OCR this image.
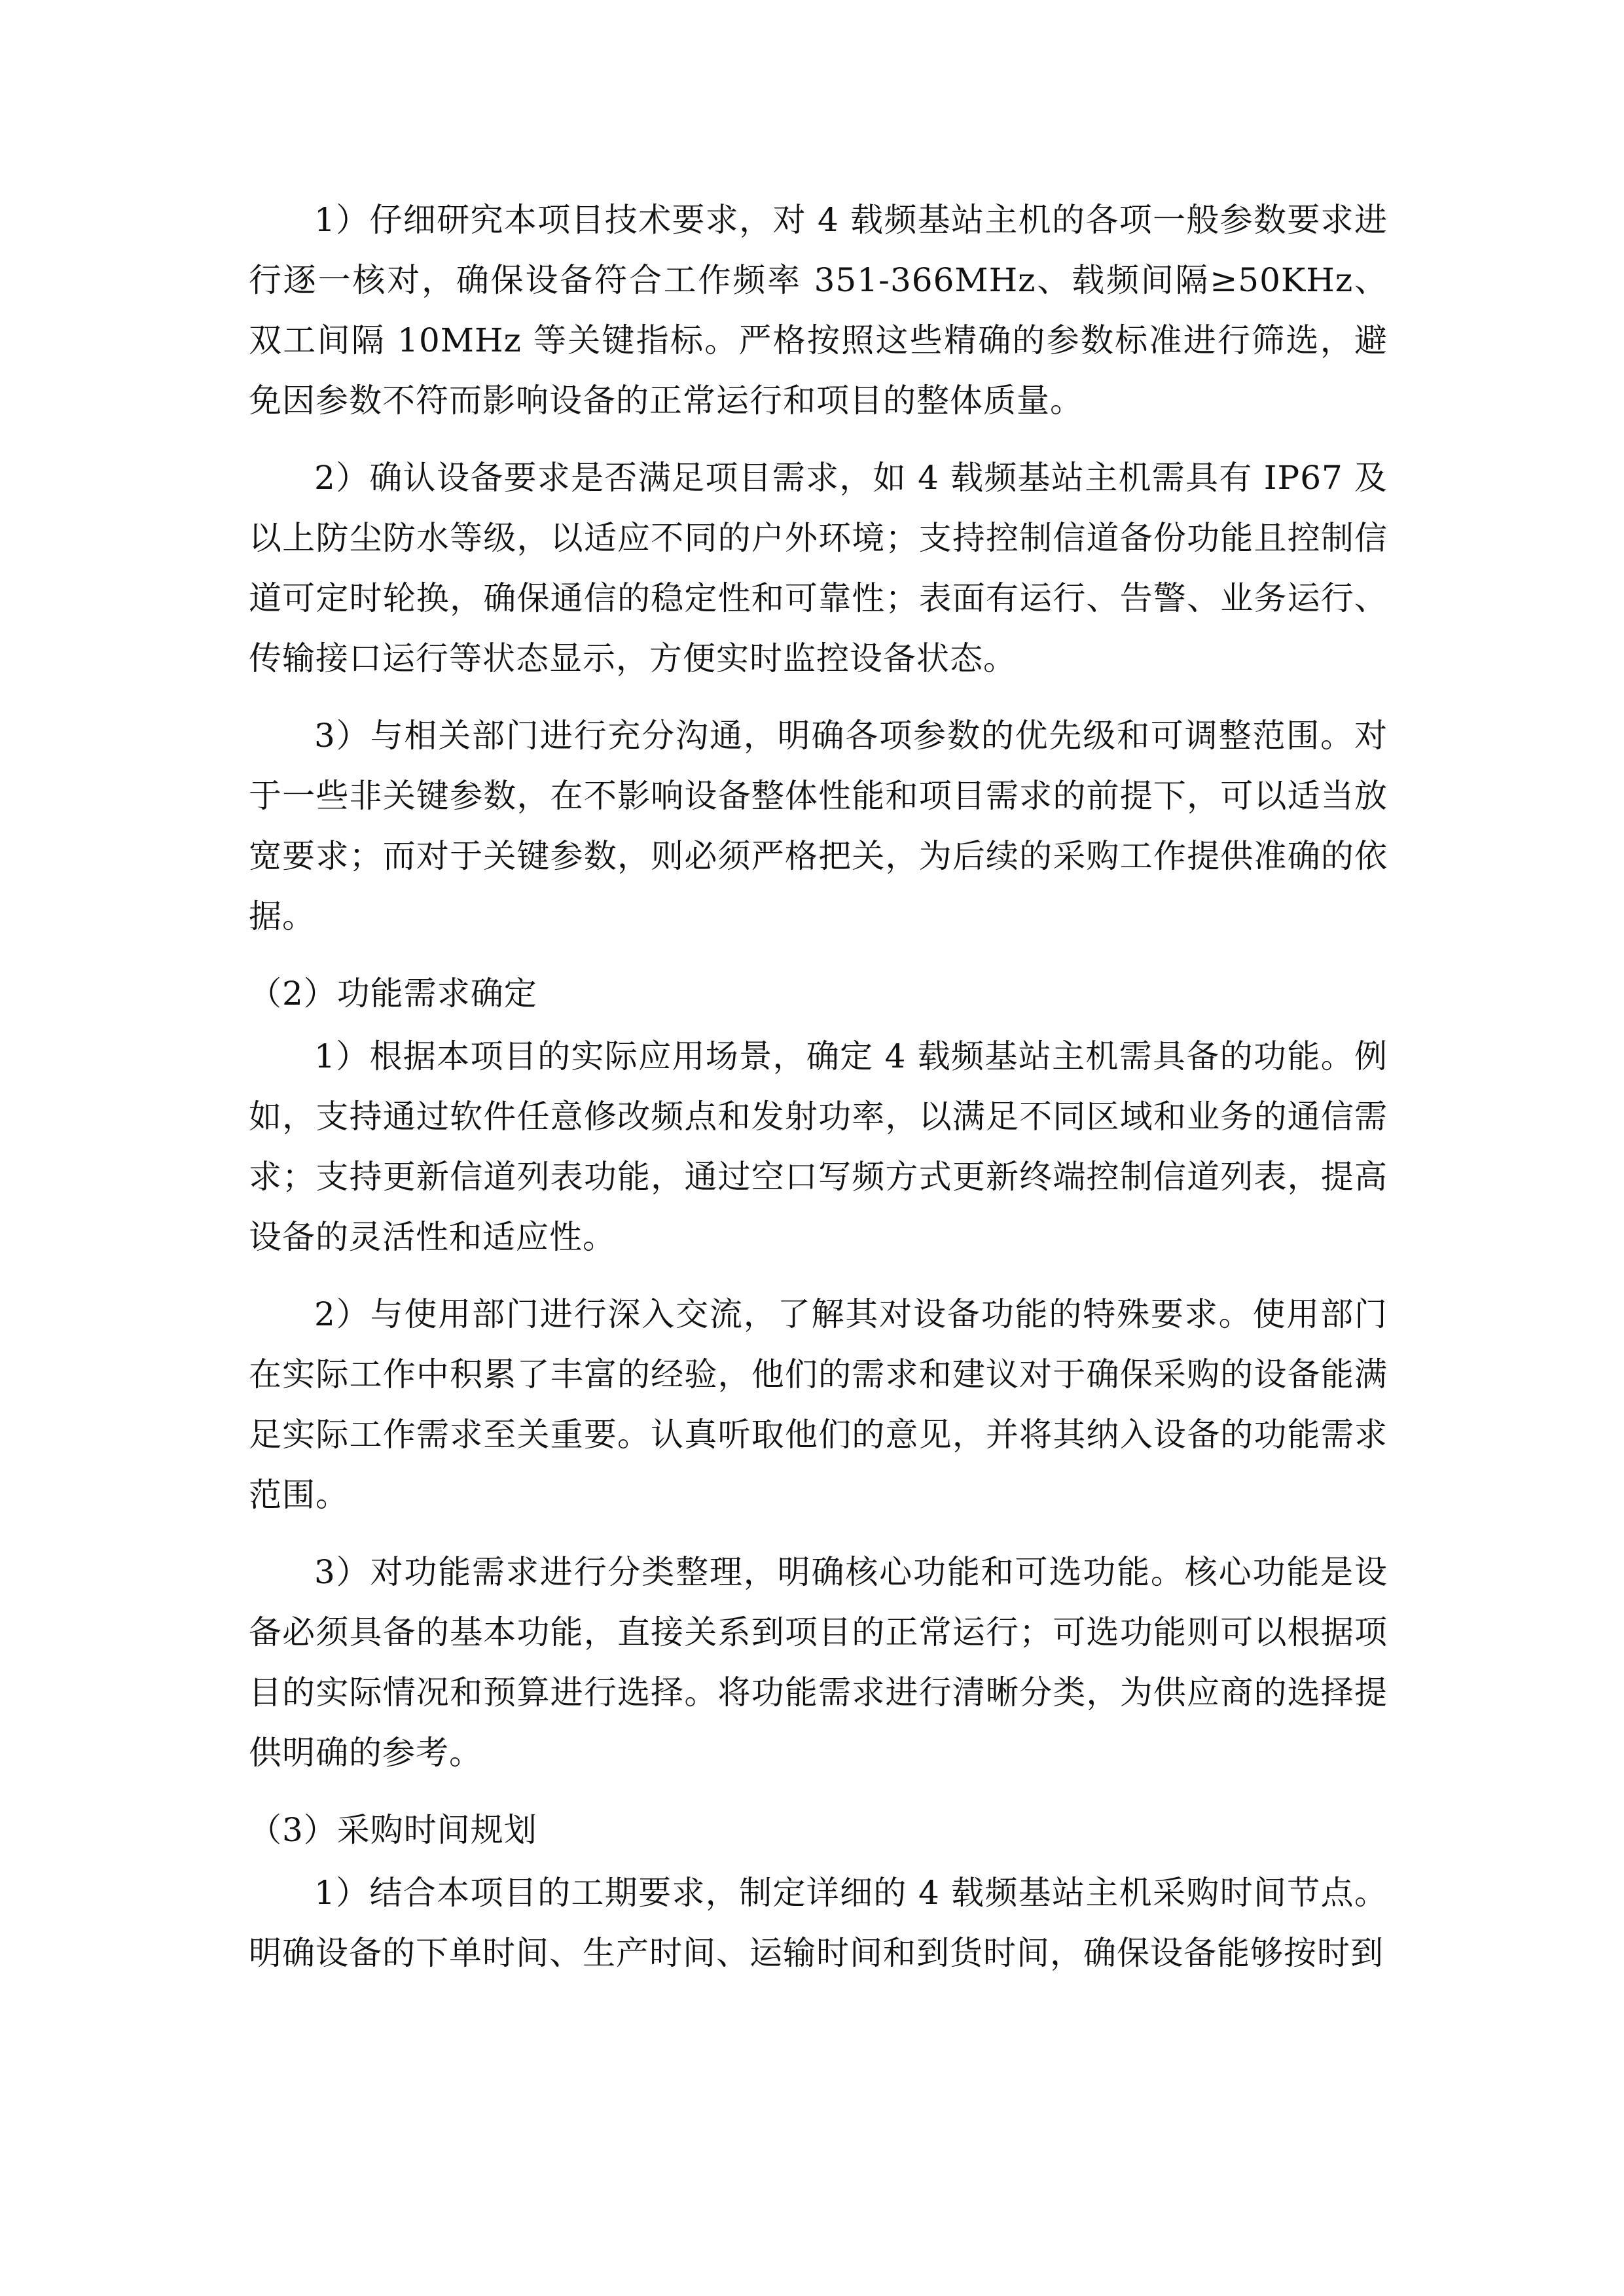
1）仔细研究本项目技术要求，对 4 载频基站主机的各项一般参数要求进行逐一核对，确保设备符合工作频率 351-366MHz、载频间隔≥50KHz、双工间隔 10MHz 等关键指标。严格按照这些精确的参数标准进行筛选，避免因参数不符而影响设备的正常运行和项目的整体质量。

2）确认设备要求是否满足项目需求，如 4 载频基站主机需具有 IP67 及以上防尘防水等级，以适应不同的户外环境；支持控制信道备份功能且控制信道可定时轮换，确保通信的稳定性和可靠性；表面有运行、告警、业务运行、传输接口运行等状态显示，方便实时监控设备状态。

3）与相关部门进行充分沟通，明确各项参数的优先级和可调整范围。对于一些非关键参数，在不影响设备整体性能和项目需求的前提下，可以适当放宽要求；而对于关键参数，则必须严格把关，为后续的采购工作提供准确的依据。

（2）功能需求确定

1）根据本项目的实际应用场景，确定 4 载频基站主机需具备的功能。例如，支持通过软件任意修改频点和发射功率，以满足不同区域和业务的通信需求；支持更新信道列表功能，通过空口写频方式更新终端控制信道列表，提高设备的灵活性和适应性。

2）与使用部门进行深入交流，了解其对设备功能的特殊要求。使用部门在实际工作中积累了丰富的经验，他们的需求和建议对于确保采购的设备能满足实际工作需求至关重要。认真听取他们的意见，并将其纳入设备的功能需求范围。

3）对功能需求进行分类整理，明确核心功能和可选功能。核心功能是设备必须具备的基本功能，直接关系到项目的正常运行；可选功能则可以根据项目的实际情况和预算进行选择。将功能需求进行清晰分类，为供应商的选择提供明确的参考。

（3）采购时间规划

1）结合本项目的工期要求，制定详细的 4 载频基站主机采购时间节点。明确设备的下单时间、生产时间、运输时间和到货时间，确保设备能够按时到
